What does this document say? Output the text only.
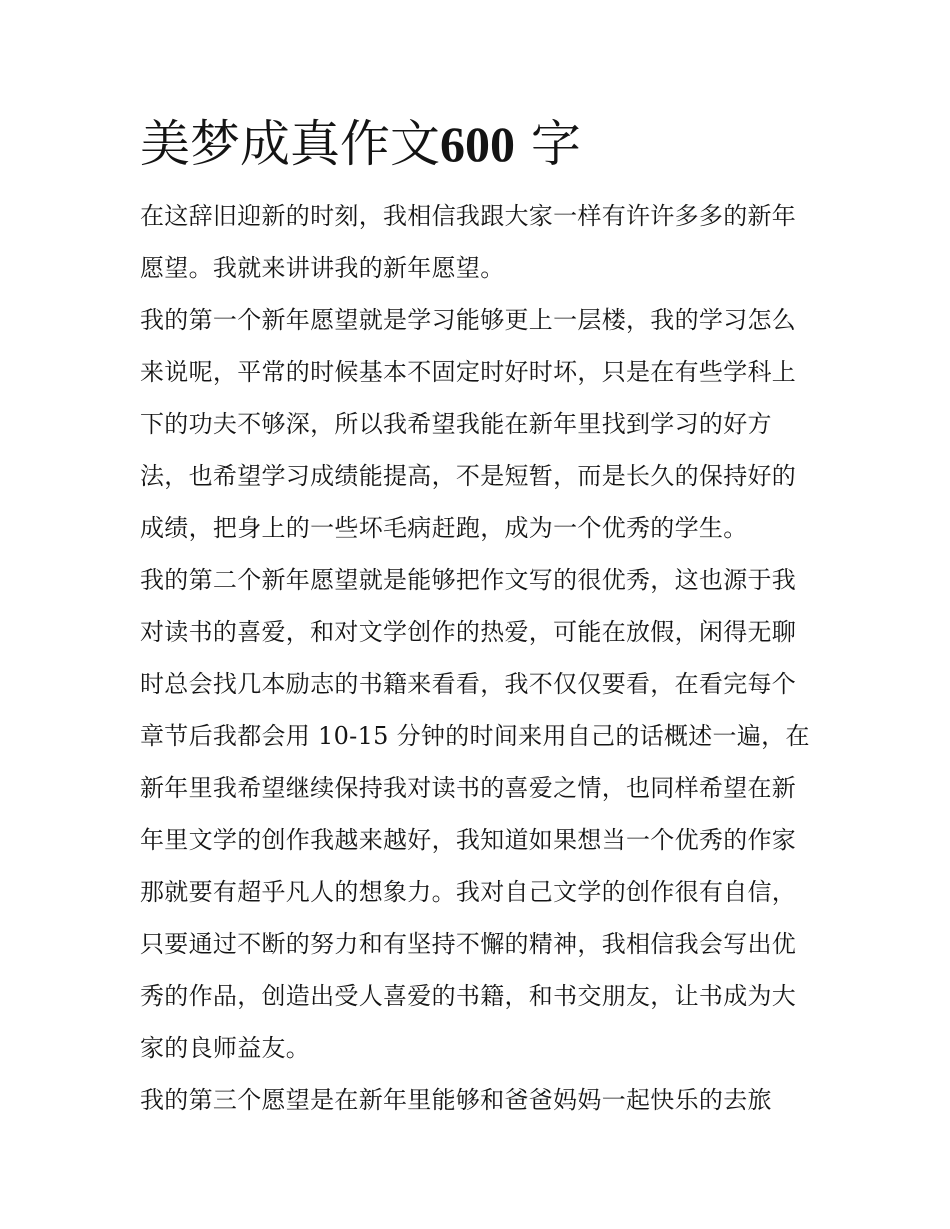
美梦成真作文600 字

在这辞旧迎新的时刻，我相信我跟大家一样有许许多多的新年
愿望。我就来讲讲我的新年愿望。

我的第一个新年愿望就是学习能够更上一层楼，我的学习怎么
来说呢，平常的时候基本不固定时好时坏，只是在有些学科上
下的功夫不够深，所以我希望我能在新年里找到学习的好方
法，也希望学习成绩能提高，不是短暂，而是长久的保持好的
成绩，把身上的一些坏毛病赶跑，成为一个优秀的学生。

我的第二个新年愿望就是能够把作文写的很优秀，这也源于我
对读书的喜爱，和对文学创作的热爱，可能在放假，闲得无聊
时总会找几本励志的书籍来看看，我不仅仅要看，在看完每个
章节后我都会用 10-15 分钟的时间来用自己的话概述一遍，在
新年里我希望继续保持我对读书的喜爱之情，也同样希望在新
年里文学的创作我越来越好，我知道如果想当一个优秀的作家
那就要有超乎凡人的想象力。我对自己文学的创作很有自信，
只要通过不断的努力和有坚持不懈的精神，我相信我会写出优
秀的作品，创造出受人喜爱的书籍，和书交朋友，让书成为大
家的良师益友。

我的第三个愿望是在新年里能够和爸爸妈妈一起快乐的去旅
